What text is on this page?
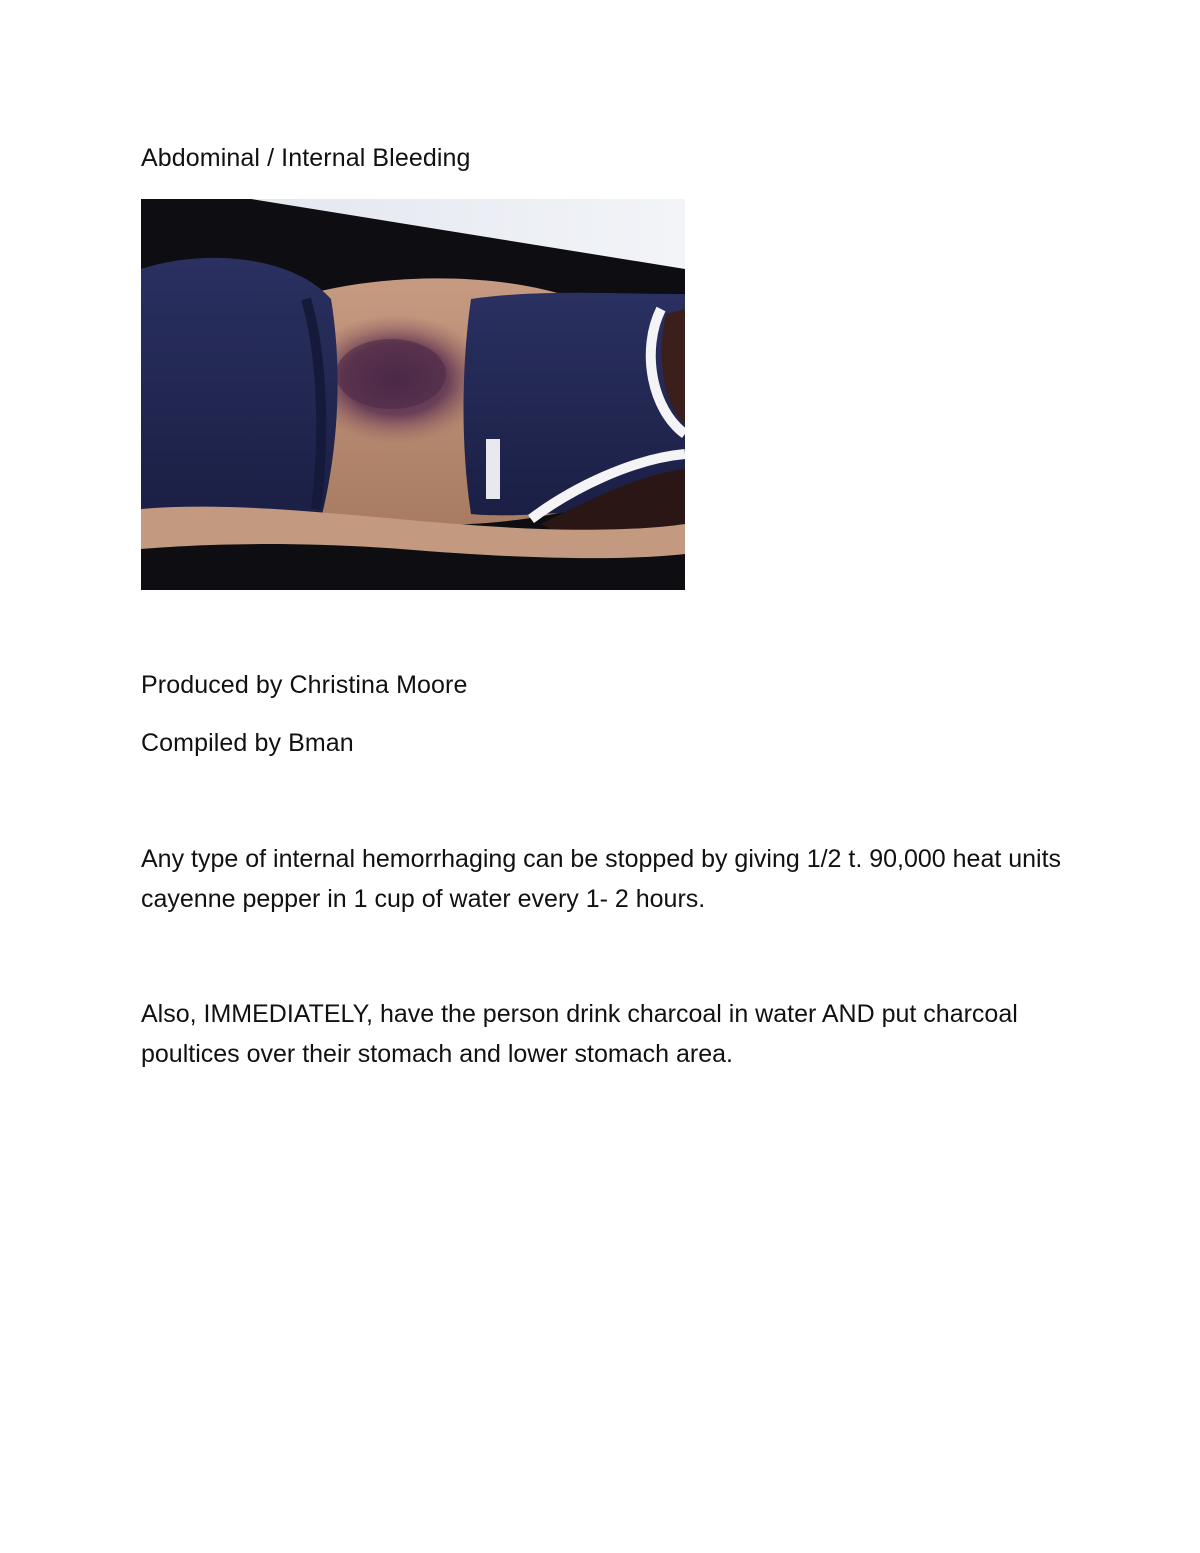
Abdominal / Internal Bleeding
Produced by Christina Moore
Compiled by Bman
Any type of internal hemorrhaging can be stopped by giving 1/2 t. 90,000 heat units cayenne pepper in 1 cup of water every 1- 2 hours.
Also, IMMEDIATELY, have the person drink charcoal in water AND put charcoal poultices over their stomach and lower stomach area.
